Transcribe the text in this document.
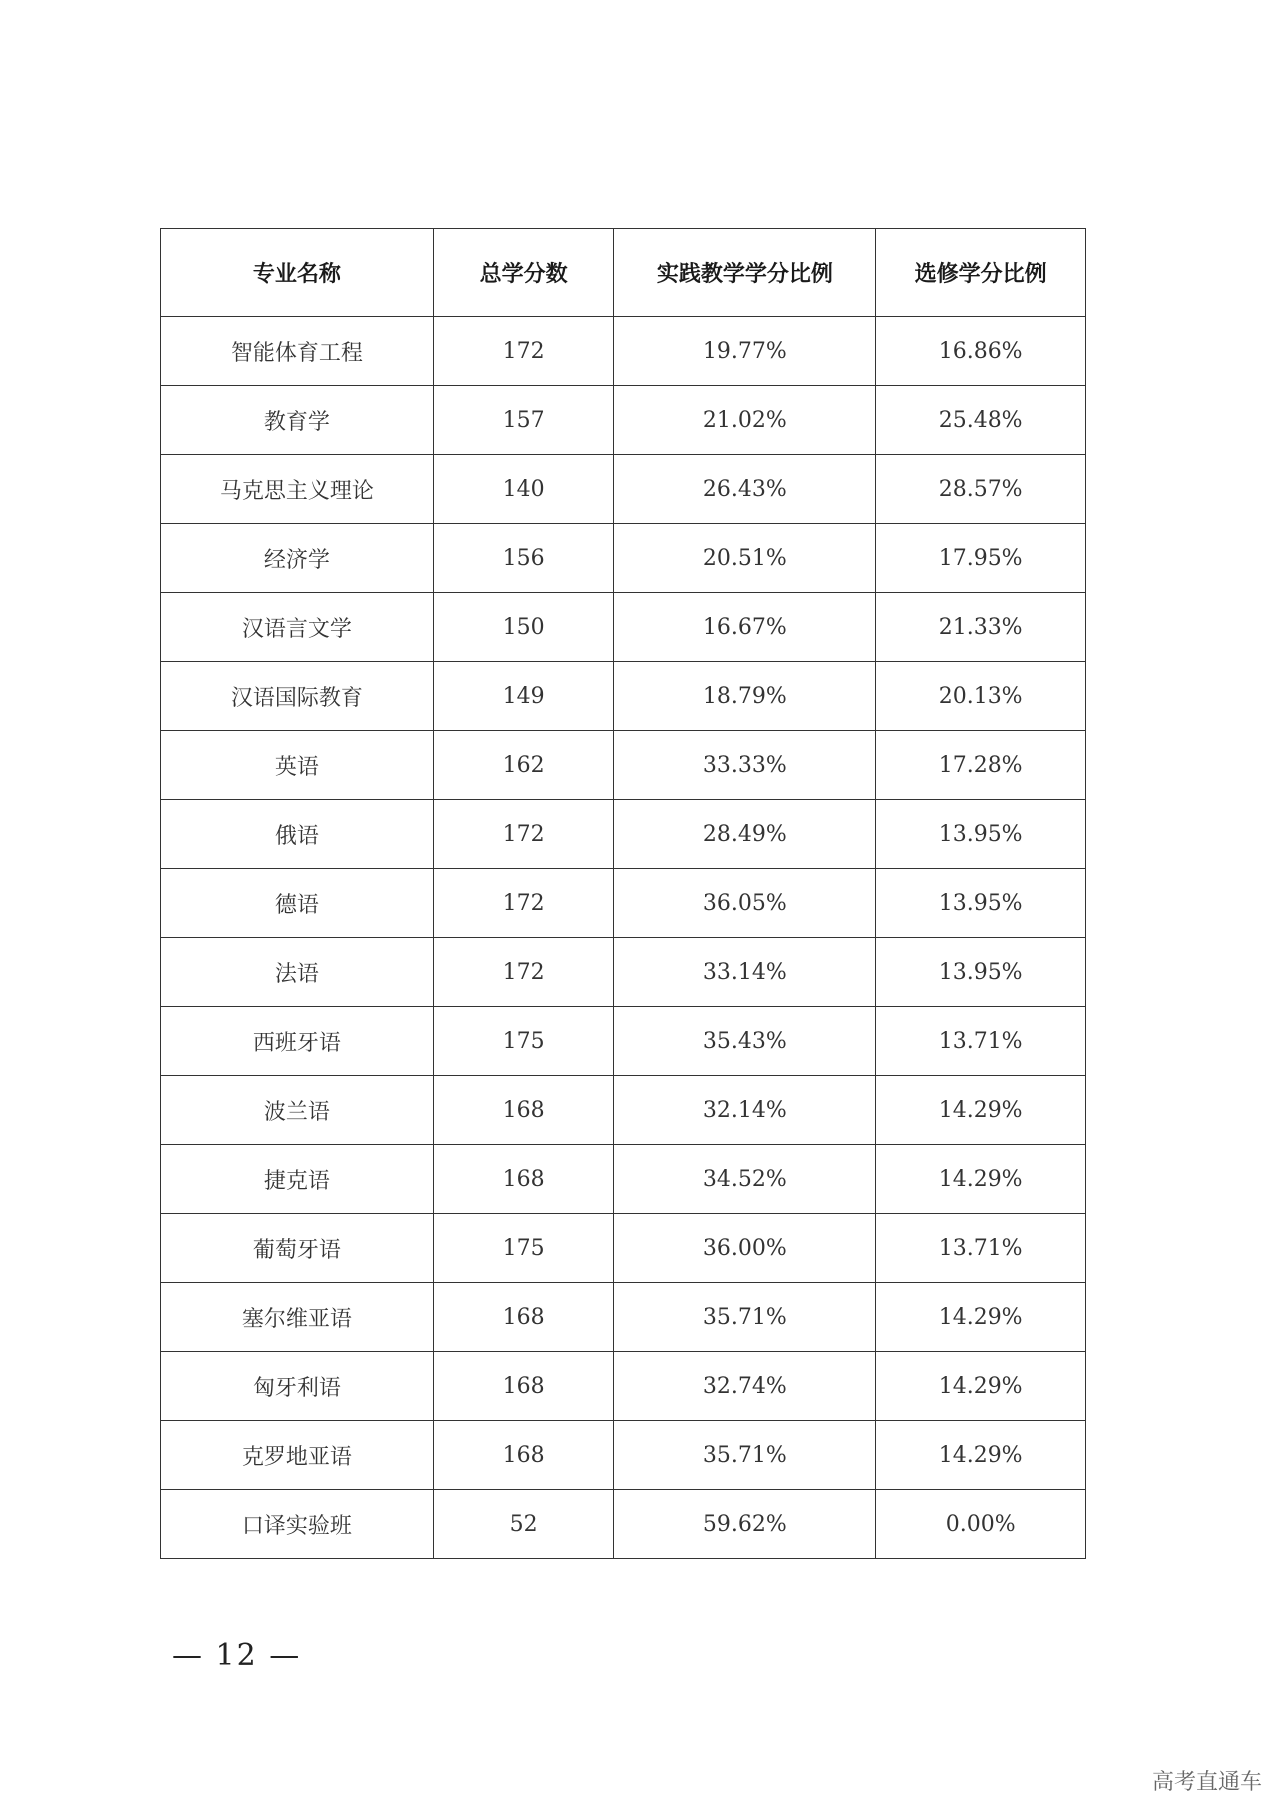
专业名称	总学分数	实践教学学分比例	选修学分比例
智能体育工程	172	19.77%	16.86%
教育学	157	21.02%	25.48%
马克思主义理论	140	26.43%	28.57%
经济学	156	20.51%	17.95%
汉语言文学	150	16.67%	21.33%
汉语国际教育	149	18.79%	20.13%
英语	162	33.33%	17.28%
俄语	172	28.49%	13.95%
德语	172	36.05%	13.95%
法语	172	33.14%	13.95%
西班牙语	175	35.43%	13.71%
波兰语	168	32.14%	14.29%
捷克语	168	34.52%	14.29%
葡萄牙语	175	36.00%	13.71%
塞尔维亚语	168	35.71%	14.29%
匈牙利语	168	32.74%	14.29%
克罗地亚语	168	35.71%	14.29%
口译实验班	52	59.62%	0.00%
— 12 —
高考直通车
